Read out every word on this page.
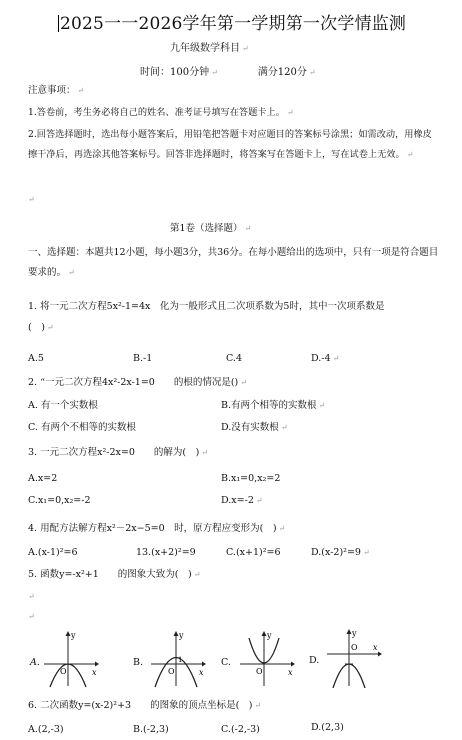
2025一一2026学年第一学期第一次学情监测
九年级数学科目 ↵
时间：100分钟 ↵	满分120分 ↵
注意事项： ↵
1.答卷前，考生务必将自己的姓名、准考证号填写在答题卡上。 ↵
2.回答选择题时，选出每小题答案后，用铅笔把答题卡对应题目的答案标号涂黑；如需改动，用橡皮擦干净后，再选涂其他答案标号。回答非选择题时，将答案写在答题卡上，写在试卷上无效。 ↵
↵
第1卷（选择题） ↵
一、选择题：本题共12小题，每小题3分，共36分。在每小题给出的选项中，只有一项是符合题目要求的。 ↵
1. 将一元二次方程5x²-1=4x　化为一般形式且二次项系数为5时，其中一次项系数是
(　) ↵
A.5	B.-1	C.4	D.-4 ↵
2. “一元二次方程4x²-2x-1=0　　的根的情况是() ↵
A. 有一个实数根	B.有两个相等的实数根 ↵
C. 有两个不相等的实数根	D.没有实数根 ↵
3. 一元二次方程x²-2x=0　　的解为(　) ↵
A.x=2	B.x₁=0,x₂=2
C.x₁=0,x₂=-2	D.x=-2 ↵
4. 用配方法解方程x²－2x−5=0　时，原方程应变形为(　) ↵
A.(x-1)²=6	13.(x+2)²=9	C.(x+1)²=6	D.(x-2)²=9 ↵
5. 函数y=-x²+1　　的图象大致为(　) ↵
↵
↵
A.	B.	C.	D.
y
x
O
y
x
O
1
y
x
O
y
x
O
6. 二次函数y=(x-2)²+3　　的图象的顶点坐标是(　) ↵
A.(2,-3)	B.(-2,3)	C.(-2,-3)	D.(2,3)
